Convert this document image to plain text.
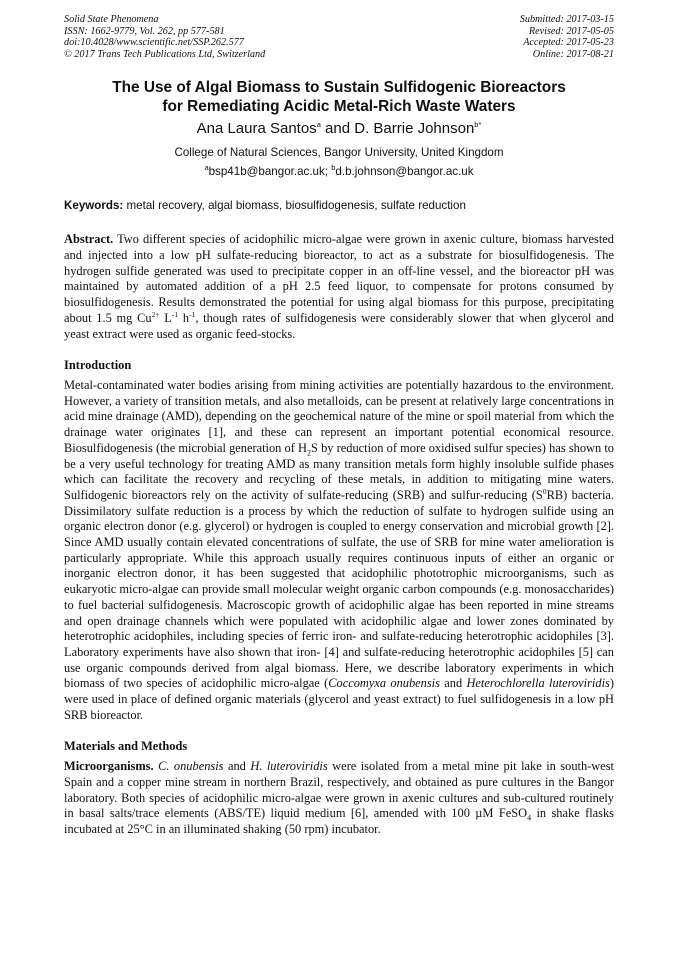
Solid State Phenomena
ISSN: 1662-9779, Vol. 262, pp 577-581
doi:10.4028/www.scientific.net/SSP.262.577
© 2017 Trans Tech Publications Ltd, Switzerland
Submitted: 2017-03-15
Revised: 2017-05-05
Accepted: 2017-05-23
Online: 2017-08-21
The Use of Algal Biomass to Sustain Sulfidogenic Bioreactors
for Remediating Acidic Metal-Rich Waste Waters
Ana Laura Santos$^a$ and D. Barrie Johnson$^{b*}$
College of Natural Sciences, Bangor University, United Kingdom
$^a$bsp41b@bangor.ac.uk; $^b$d.b.johnson@bangor.ac.uk
Keywords: metal recovery, algal biomass, biosulfidogenesis, sulfate reduction

Abstract. Two different species of acidophilic micro-algae were grown in axenic culture, biomass harvested and injected into a low pH sulfate-reducing bioreactor, to act as a substrate for biosulfidogenesis. The hydrogen sulfide generated was used to precipitate copper in an off-line vessel, and the bioreactor pH was maintained by automated addition of a pH 2.5 feed liquor, to compensate for protons consumed by biosulfidogenesis. Results demonstrated the potential for using algal biomass for this purpose, precipitating about 1.5 mg $Cu^{2+}$ $L^{-1}$ $h^{-1}$, though rates of sulfidogenesis were considerably slower that when glycerol and yeast extract were used as organic feed-stocks.

Introduction

Metal-contaminated water bodies arising from mining activities are potentially hazardous to the environment. However, a variety of transition metals, and also metalloids, can be present at relatively large concentrations in acid mine drainage (AMD), depending on the geochemical nature of the mine or spoil material from which the drainage water originates [1], and these can represent an important potential economical resource. Biosulfidogenesis (the microbial generation of $H_2S$ by reduction of more oxidised sulfur species) has shown to be a very useful technology for treating AMD as many transition metals form highly insoluble sulfide phases which can facilitate the recovery and recycling of these metals, in addition to mitigating mine waters. Sulfidogenic bioreactors rely on the activity of sulfate-reducing (SRB) and sulfur-reducing $(S^0RB)$ bacteria. Dissimilatory sulfate reduction is a process by which the reduction of sulfate to hydrogen sulfide using an organic electron donor (e.g. glycerol) or hydrogen is coupled to energy conservation and microbial growth [2]. Since AMD usually contain elevated concentrations of sulfate, the use of SRB for mine water amelioration is particularly appropriate. While this approach usually requires continuous inputs of either an organic or inorganic electron donor, it has been suggested that acidophilic phototrophic microorganisms, such as eukaryotic micro-algae can provide small molecular weight organic carbon compounds (e.g. monosaccharides) to fuel bacterial sulfidogenesis. Macroscopic growth of acidophilic algae has been reported in mine streams and open drainage channels which were populated with acidophilic algae and lower zones dominated by heterotrophic acidophiles, including species of ferric iron- and sulfate-reducing heterotrophic acidophiles [3]. Laboratory experiments have also shown that iron- [4] and sulfate-reducing heterotrophic acidophiles [5] can use organic compounds derived from algal biomass. Here, we describe laboratory experiments in which biomass of two species of acidophilic micro-algae (Coccomyxa onubensis and Heterochlorella luteroviridis) were used in place of defined organic materials (glycerol and yeast extract) to fuel sulfidogenesis in a low pH SRB bioreactor.

Materials and Methods

Microorganisms. C. onubensis and H. luteroviridis were isolated from a metal mine pit lake in south-west Spain and a copper mine stream in northern Brazil, respectively, and obtained as pure cultures in the Bangor laboratory. Both species of acidophilic micro-algae were grown in axenic cultures and sub-cultured routinely in basal salts/trace elements (ABS/TE) liquid medium [6], amended with 100 µM FeSO$_4$ in shake flasks incubated at 25°C in an illuminated shaking (50 rpm) incubator.
